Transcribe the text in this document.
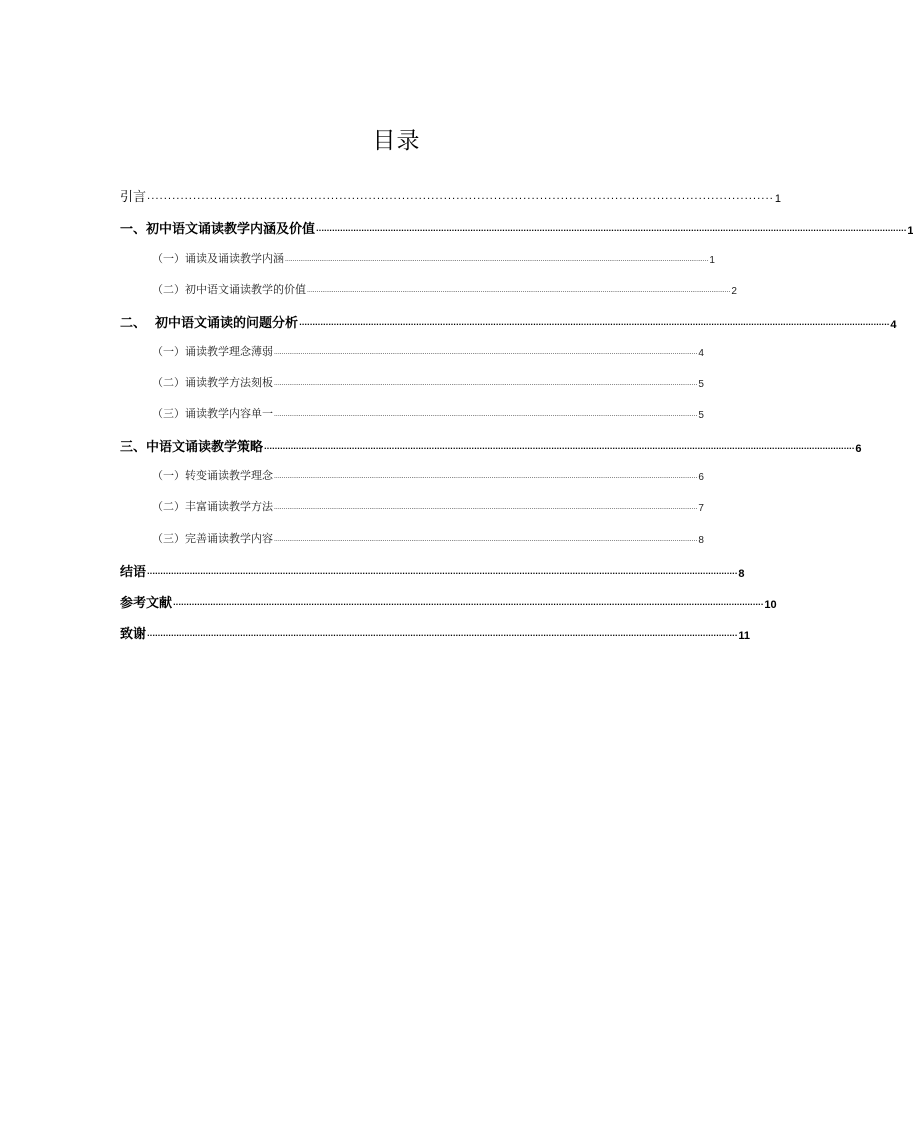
目录
引言 ...................................................................................................................................................... 1
一、初中语文诵读教学内涵及价值 .............................................................................................................................................................................................................................. 1
（一）诵读及诵读教学内涵 .............................................................................................................................................................................................................................. 1
（二）初中语文诵读教学的价值 .............................................................................................................................................................................................................................. 2
二、  初中语文诵读的问题分析 .............................................................................................................................................................................................................................. 4
（一）诵读教学理念薄弱 .............................................................................................................................................................................................................................. 4
（二）诵读教学方法刻板 .............................................................................................................................................................................................................................. 5
（三）诵读教学内容单一 .............................................................................................................................................................................................................................. 5
三、中语文诵读教学策略 .............................................................................................................................................................................................................................. 6
（一）转变诵读教学理念 .............................................................................................................................................................................................................................. 6
（二）丰富诵读教学方法 .............................................................................................................................................................................................................................. 7
（三）完善诵读教学内容 .............................................................................................................................................................................................................................. 8
结语 .............................................................................................................................................................................................................................. 8
参考文献 .............................................................................................................................................................................................................................. 10
致谢 .............................................................................................................................................................................................................................. 11
